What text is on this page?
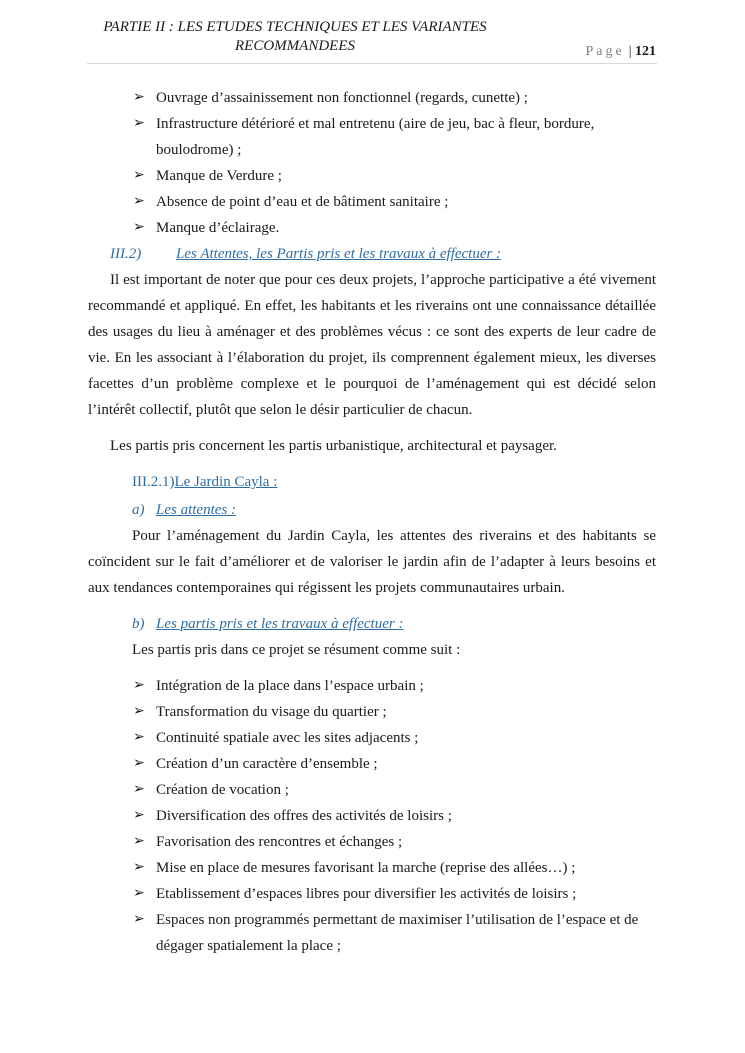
PARTIE II : LES ETUDES TECHNIQUES ET LES VARIANTES RECOMMANDEES	Page | 121
➢ Ouvrage d’assainissement non fonctionnel (regards, cunette) ;
➢ Infrastructure détérioré et mal entretenu (aire de jeu, bac à fleur, bordure, boulodrome) ;
➢ Manque de Verdure ;
➢ Absence de point d’eau et de bâtiment sanitaire ;
➢ Manque d’éclairage.
III.2) Les Attentes, les Partis pris et les travaux à effectuer :

Il est important de noter que pour ces deux projets, l’approche participative a été vivement recommandé et appliqué. En effet, les habitants et les riverains ont une connaissance détaillée des usages du lieu à aménager et des problèmes vécus : ce sont des experts de leur cadre de vie. En les associant à l’élaboration du projet, ils comprennent également mieux, les diverses facettes d’un problème complexe et le pourquoi de l’aménagement qui est décidé selon l’intérêt collectif, plutôt que selon le désir particulier de chacun.

Les partis pris concernent les partis urbanistique, architectural et paysager.

III.2.1)Le Jardin Cayla :
a) Les attentes :

Pour l’aménagement du Jardin Cayla, les attentes des riverains et des habitants se coïncident sur le fait d’améliorer et de valoriser le jardin afin de l’adapter à leurs besoins et aux tendances contemporaines qui régissent les projets communautaires urbain.

b) Les partis pris et les travaux à effectuer :

Les partis pris dans ce projet se résument comme suit :

➢ Intégration de la place dans l’espace urbain ;
➢ Transformation du visage du quartier ;
➢ Continuité spatiale avec les sites adjacents ;
➢ Création d’un caractère d’ensemble ;
➢ Création de vocation ;
➢ Diversification des offres des activités de loisirs ;
➢ Favorisation des rencontres et échanges ;
➢ Mise en place de mesures favorisant la marche (reprise des allées…) ;
➢ Etablissement d’espaces libres pour diversifier les activités de loisirs ;
➢ Espaces non programmés permettant de maximiser l’utilisation de l’espace et de dégager spatialement la place ;
